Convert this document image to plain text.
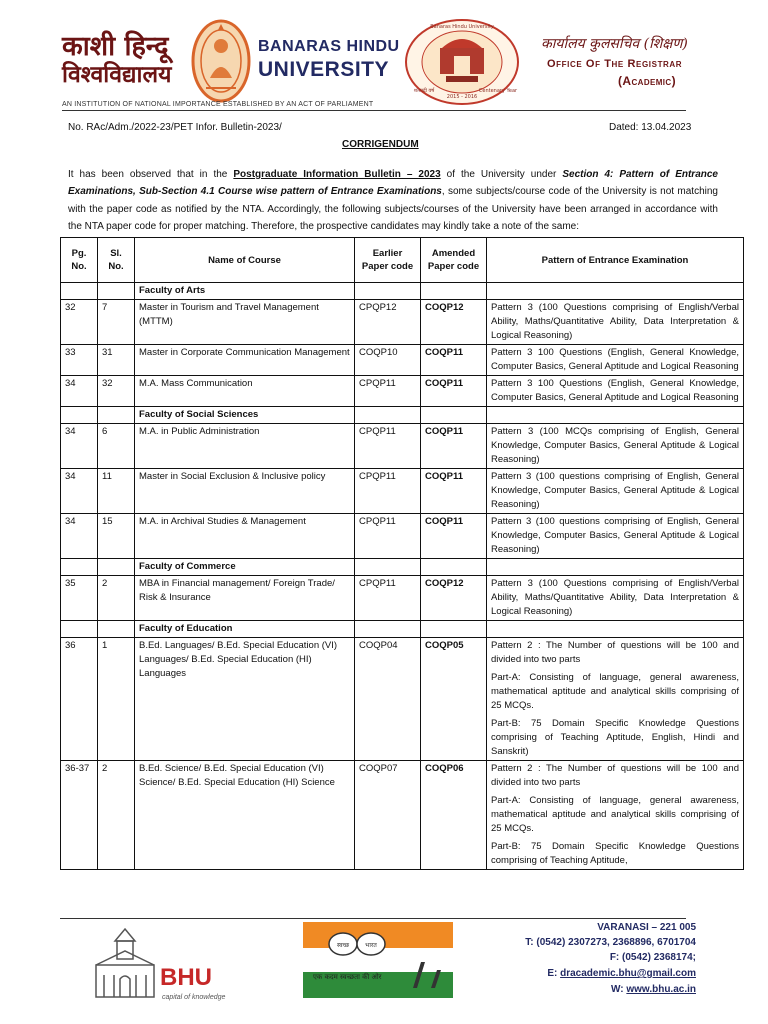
काशी हिन्दू
विश्वविद्यालय
BANARAS HINDU
UNIVERSITY
2015 - 2016
Banaras Hindu University
Centenary Year
शताब्दी वर्ष
कार्यालय कुलसचिव (शिक्षण)
Office Of The Registrar
(Academic)
AN INSTITUTION OF NATIONAL IMPORTANCE ESTABLISHED BY AN ACT OF PARLIAMENT
No. RAc/Adm./2022-23/PET Infor. Bulletin-2023/	Dated: 13.04.2023
CORRIGENDUM
It has been observed that in the Postgraduate Information Bulletin – 2023 of the University under Section 4: Pattern of Entrance Examinations, Sub-Section 4.1 Course wise pattern of Entrance Examinations, some subjects/course code of the University is not matching with the paper code as notified by the NTA. Accordingly, the following subjects/courses of the University have been arranged in accordance with the NTA paper code for proper matching. Therefore, the prospective candidates may kindly take a note of the same:
Pg. No.	Sl. No.	Name of Course	Earlier Paper code	Amended Paper code	Pattern of Entrance Examination
		Faculty of Arts			
32	7	Master in Tourism and Travel Management (MTTM)	CPQP12	COQP12	Pattern 3 (100 Questions comprising of English/Verbal Ability, Maths/Quantitative Ability, Data Interpretation & Logical Reasoning)

33	31	Master in Corporate Communication Management	COQP10	COQP11	Pattern 3 100 Questions (English, General Knowledge, Computer Basics, General Aptitude and Logical Reasoning

34	32	M.A. Mass Communication	CPQP11	COQP11	Pattern 3 100 Questions (English, General Knowledge, Computer Basics, General Aptitude and Logical Reasoning

		Faculty of Social Sciences			
34	6	M.A. in Public Administration	CPQP11	COQP11	Pattern 3 (100 MCQs comprising of English, General Knowledge, Computer Basics, General Aptitude & Logical Reasoning)

34	11	Master in Social Exclusion & Inclusive policy	CPQP11	COQP11	Pattern 3 (100 questions comprising of English, General Knowledge, Computer Basics, General Aptitude & Logical Reasoning)

34	15	M.A. in Archival Studies & Management	CPQP11	COQP11	Pattern 3 (100 questions comprising of English, General Knowledge, Computer Basics, General Aptitude & Logical Reasoning)

		Faculty of Commerce			
35	2	MBA in Financial management/ Foreign Trade/ Risk & Insurance	CPQP11	COQP12	Pattern 3 (100 Questions comprising of English/Verbal Ability, Maths/Quantitative Ability, Data Interpretation & Logical Reasoning)

		Faculty of Education			
36	1	B.Ed. Languages/ B.Ed. Special Education (VI) Languages/ B.Ed. Special Education (HI) Languages	COQP04	COQP05	Pattern 2 : The Number of questions will be 100 and divided into two parts

Part-A: Consisting of language, general awareness, mathematical aptitude and analytical skills comprising of 25 MCQs.

Part-B: 75 Domain Specific Knowledge Questions comprising of Teaching Aptitude, English, Hindi and Sanskrit)

36-37	2	B.Ed. Science/ B.Ed. Special Education (VI) Science/ B.Ed. Special Education (HI) Science	COQP07	COQP06	Pattern 2 : The Number of questions will be 100 and divided into two parts

Part-A: Consisting of language, general awareness, mathematical aptitude and analytical skills comprising of 25 MCQs.

Part-B: 75 Domain Specific Knowledge Questions comprising of Teaching Aptitude,

BHU
capital of knowledge
स्वच्छ	भारत
एक कदम स्वच्छता की ओर
VARANASI – 221 005
T: (0542) 2307273, 2368896, 6701704
F: (0542) 2368174;
E: dracademic.bhu@gmail.com
W: www.bhu.ac.in
